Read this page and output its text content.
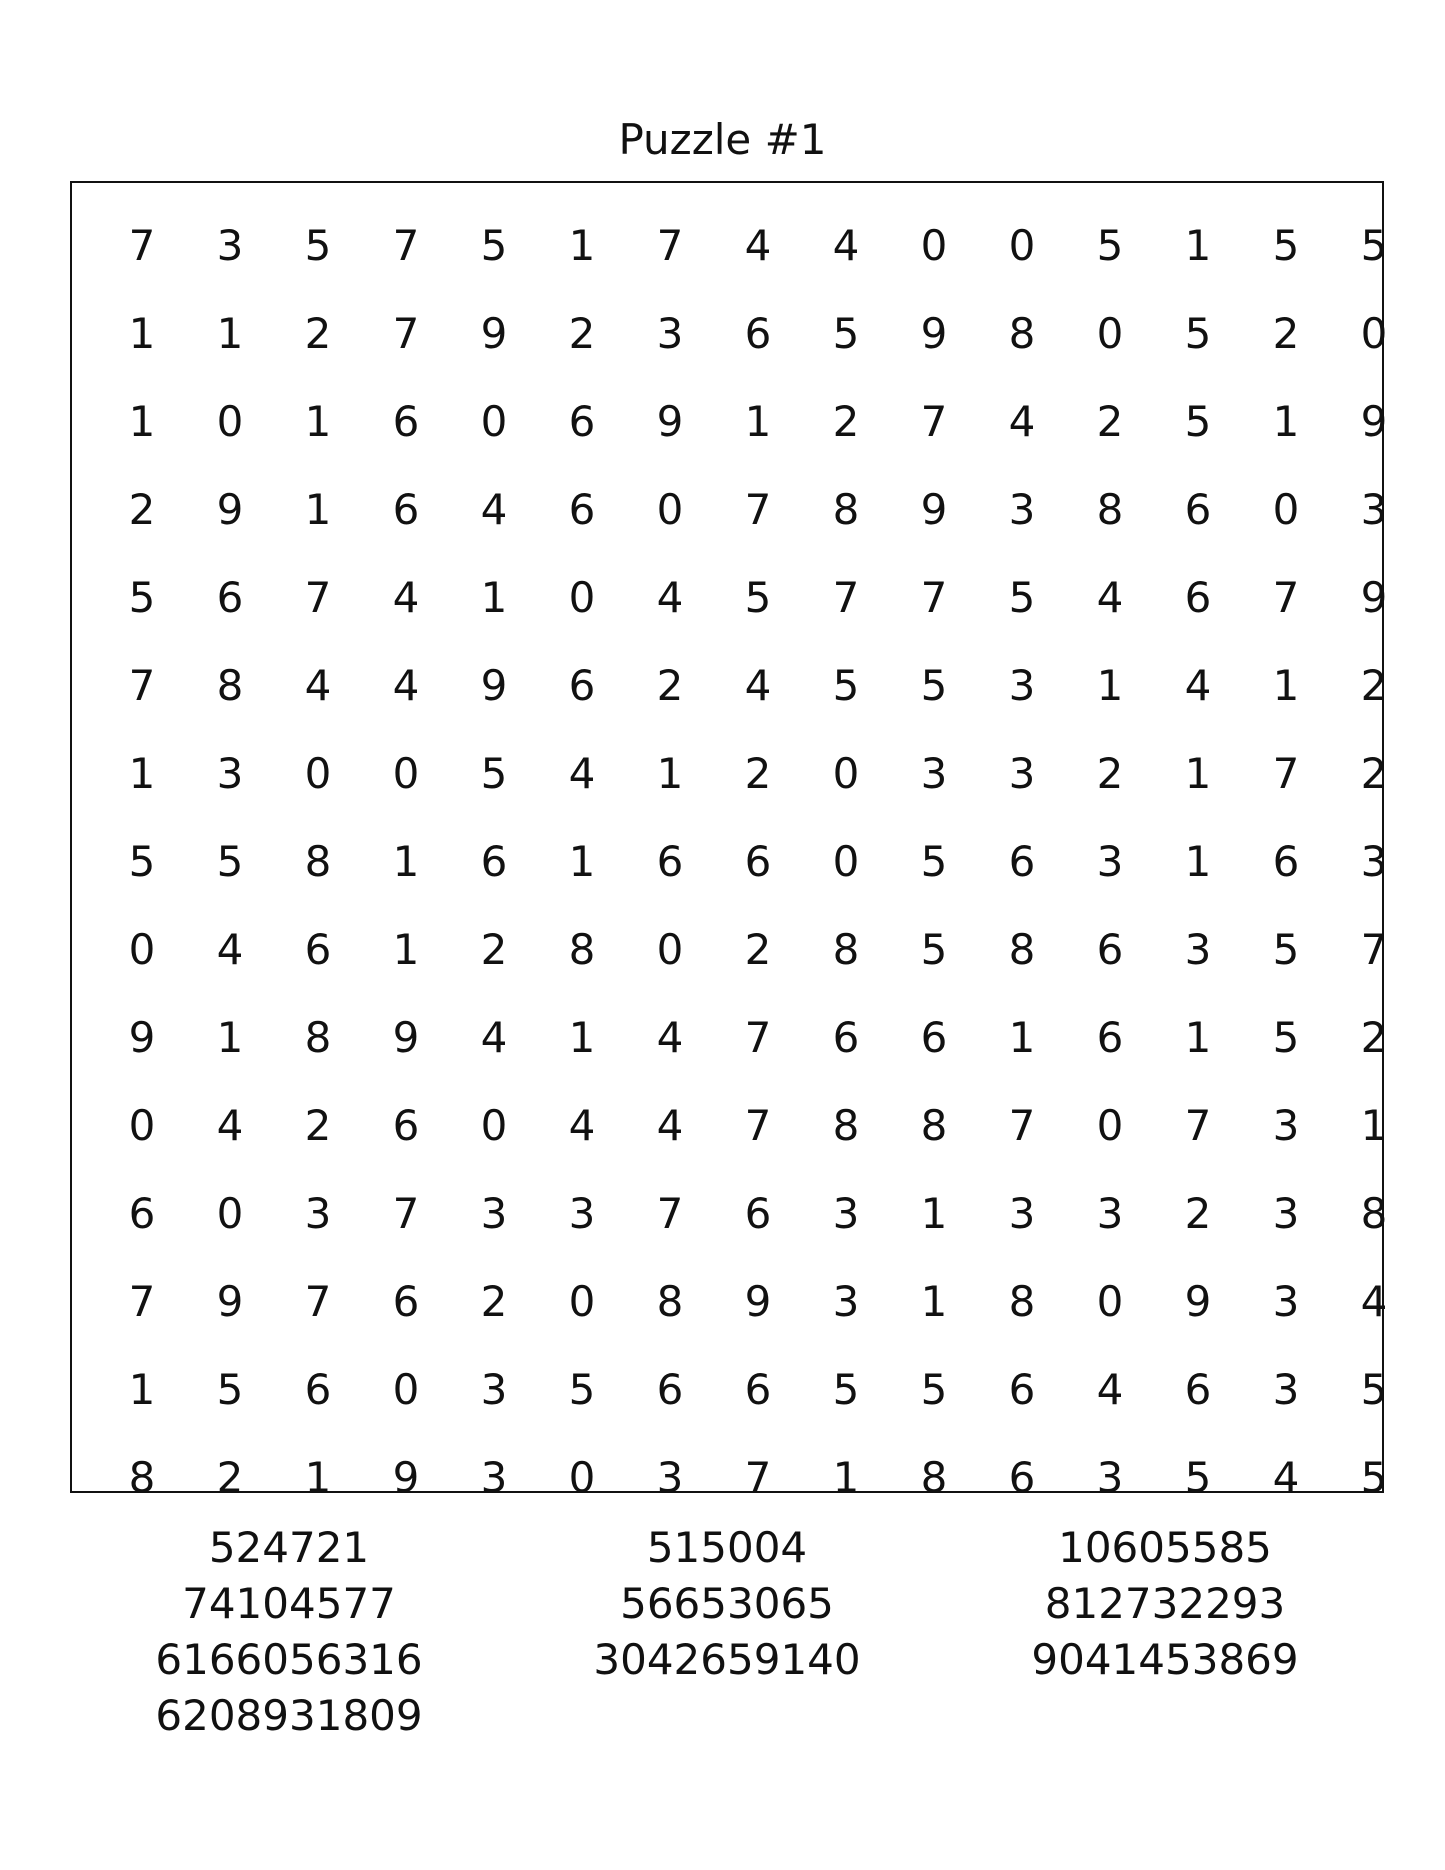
Puzzle #1
7	3	5	7	5	1	7	4	4	0	0	5	1	5	5
1	1	2	7	9	2	3	6	5	9	8	0	5	2	0
1	0	1	6	0	6	9	1	2	7	4	2	5	1	9
2	9	1	6	4	6	0	7	8	9	3	8	6	0	3
5	6	7	4	1	0	4	5	7	7	5	4	6	7	9
7	8	4	4	9	6	2	4	5	5	3	1	4	1	2
1	3	0	0	5	4	1	2	0	3	3	2	1	7	2
5	5	8	1	6	1	6	6	0	5	6	3	1	6	3
0	4	6	1	2	8	0	2	8	5	8	6	3	5	7
9	1	8	9	4	1	4	7	6	6	1	6	1	5	2
0	4	2	6	0	4	4	7	8	8	7	0	7	3	1
6	0	3	7	3	3	7	6	3	1	3	3	2	3	8
7	9	7	6	2	0	8	9	3	1	8	0	9	3	4
1	5	6	0	3	5	6	6	5	5	6	4	6	3	5
8	2	1	9	3	0	3	7	1	8	6	3	5	4	5
524721
74104577
6166056316
6208931809
515004
56653065
3042659140
10605585
812732293
9041453869
